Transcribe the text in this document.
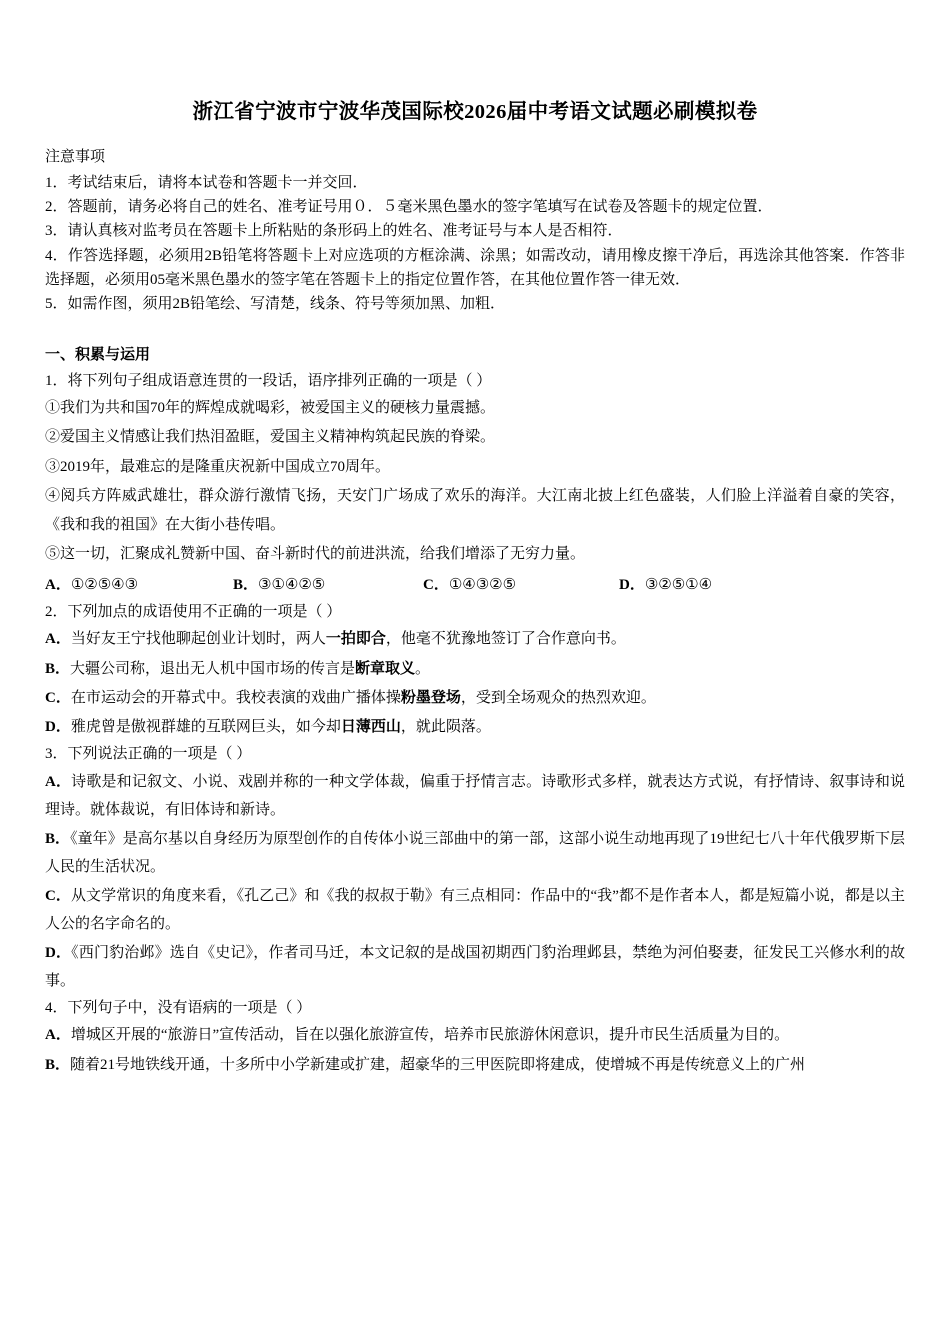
浙江省宁波市宁波华茂国际校2026届中考语文试题必刷模拟卷

注意事项

1．考试结束后，请将本试卷和答题卡一并交回．

2．答题前，请务必将自己的姓名、准考证号用０．５毫米黑色墨水的签字笔填写在试卷及答题卡的规定位置．

3．请认真核对监考员在答题卡上所粘贴的条形码上的姓名、准考证号与本人是否相符．

4．作答选择题，必须用2B铅笔将答题卡上对应选项的方框涂满、涂黑；如需改动，请用橡皮擦干净后，再选涂其他答案．作答非选择题，必须用05毫米黑色墨水的签字笔在答题卡上的指定位置作答，在其他位置作答一律无效．

5．如需作图，须用2B铅笔绘、写清楚，线条、符号等须加黑、加粗．

一、积累与运用

1．将下列句子组成语意连贯的一段话，语序排列正确的一项是（ ）

①我们为共和国70年的辉煌成就喝彩，被爱国主义的硬核力量震撼。

②爱国主义情感让我们热泪盈眶，爱国主义精神构筑起民族的脊梁。

③2019年，最难忘的是隆重庆祝新中国成立70周年。

④阅兵方阵威武雄壮，群众游行激情飞扬，天安门广场成了欢乐的海洋。大江南北披上红色盛装，人们脸上洋溢着自豪的笑容，《我和我的祖国》在大街小巷传唱。

⑤这一切，汇聚成礼赞新中国、奋斗新时代的前进洪流，给我们增添了无穷力量。

A．①②⑤④③	B．③①④②⑤	C．①④③②⑤	D．③②⑤①④

2．下列加点的成语使用不正确的一项是（ ）

A．当好友王宁找他聊起创业计划时，两人一拍即合，他毫不犹豫地签订了合作意向书。

B．大疆公司称，退出无人机中国市场的传言是断章取义。

C．在市运动会的开幕式中。我校表演的戏曲广播体操粉墨登场，受到全场观众的热烈欢迎。

D．雅虎曾是傲视群雄的互联网巨头，如今却日薄西山，就此陨落。

3．下列说法正确的一项是（ ）

A．诗歌是和记叙文、小说、戏剧并称的一种文学体裁，偏重于抒情言志。诗歌形式多样，就表达方式说，有抒情诗、叙事诗和说理诗。就体裁说，有旧体诗和新诗。

B．《童年》是高尔基以自身经历为原型创作的自传体小说三部曲中的第一部，这部小说生动地再现了19世纪七八十年代俄罗斯下层人民的生活状况。

C．从文学常识的角度来看，《孔乙己》和《我的叔叔于勒》有三点相同：作品中的“我”都不是作者本人，都是短篇小说，都是以主人公的名字命名的。

D．《西门豹治邺》选自《史记》，作者司马迁，本文记叙的是战国初期西门豹治理邺县，禁绝为河伯娶妻，征发民工兴修水利的故事。

4．下列句子中，没有语病的一项是（ ）

A．增城区开展的“旅游日”宣传活动，旨在以强化旅游宣传，培养市民旅游休闲意识，提升市民生活质量为目的。

B．随着21号地铁线开通，十多所中小学新建或扩建，超豪华的三甲医院即将建成，使增城不再是传统意义上的广州
